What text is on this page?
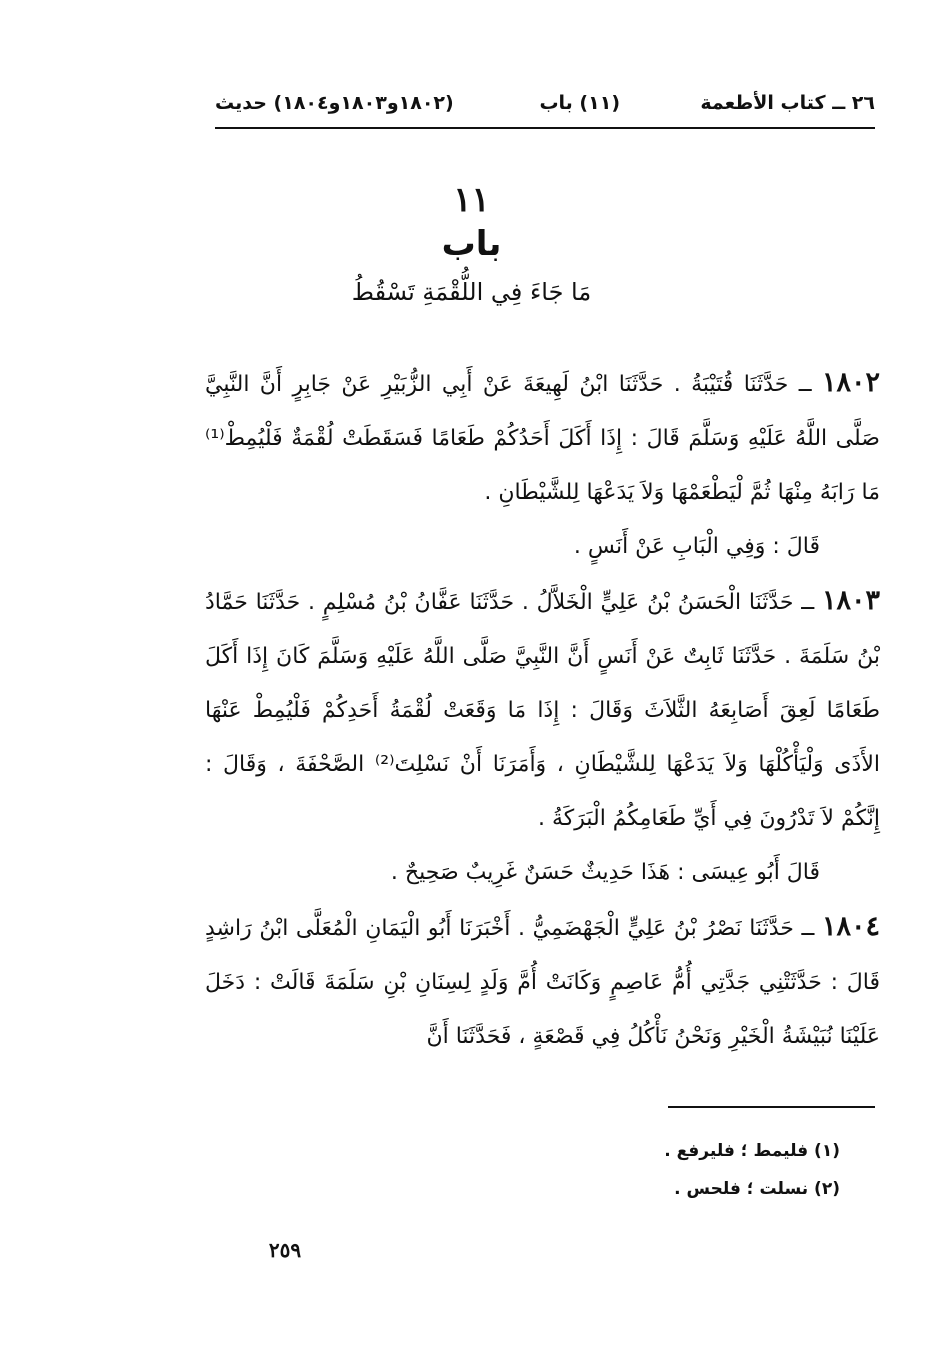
٢٦ ــ كتاب الأطعمة
(١١) باب
(١٨٠٢و١٨٠٣و١٨٠٤) حديث
١١
باب
مَا جَاءَ فِي اللُّقْمَةِ تَسْقُطُ

١٨٠٢ ــ حَدَّثَنَا قُتَيْبَةُ . حَدَّثَنَا ابْنُ لَهِيعَةَ عَنْ أَبِي الزُّبَيْرِ عَنْ جَابِرٍ أَنَّ النَّبِيَّ صَلَّى اللَّهُ عَلَيْهِ وَسَلَّمَ قَالَ : إِذَا أَكَلَ أَحَدُكُمْ طَعَامًا فَسَقَطَتْ لُقْمَةٌ فَلْيُمِطْ⁽¹⁾ مَا رَابَهُ مِنْهَا ثُمَّ لْيَطْعَمْهَا وَلاَ يَدَعْهَا لِلشَّيْطَانِ .

قَالَ : وَفِي الْبَابِ عَنْ أَنَسٍ .

١٨٠٣ ــ حَدَّثَنَا الْحَسَنُ بْنُ عَلِيٍّ الْخَلاَّلُ . حَدَّثَنَا عَفَّانُ بْنُ مُسْلِمٍ . حَدَّثَنَا حَمَّادُ بْنُ سَلَمَةَ . حَدَّثَنَا ثَابِتٌ عَنْ أَنَسٍ أَنَّ النَّبِيَّ صَلَّى اللَّهُ عَلَيْهِ وَسَلَّمَ كَانَ إِذَا أَكَلَ طَعَامًا لَعِقَ أَصَابِعَهُ الثَّلاَثَ وَقَالَ : إِذَا مَا وَقَعَتْ لُقْمَةُ أَحَدِكُمْ فَلْيُمِطْ عَنْهَا الأَذَى وَلْيَأْكُلْهَا وَلاَ يَدَعْهَا لِلشَّيْطَانِ ، وَأَمَرَنَا أَنْ نَسْلِتَ⁽²⁾ الصَّحْفَةَ ، وَقَالَ : إِنَّكُمْ لاَ تَدْرُونَ فِي أَيِّ طَعَامِكُمُ الْبَرَكَةُ .

قَالَ أَبُو عِيسَى : هَذَا حَدِيثٌ حَسَنٌ غَرِيبٌ صَحِيحٌ .

١٨٠٤ ــ حَدَّثَنَا نَصْرُ بْنُ عَلِيٍّ الْجَهْضَمِيُّ . أَخْبَرَنَا أَبُو الْيَمَانِ الْمُعَلَّى ابْنُ رَاشِدٍ قَالَ : حَدَّثَتْنِي جَدَّتِي أُمُّ عَاصِمٍ وَكَانَتْ أُمَّ وَلَدٍ لِسِنَانِ بْنِ سَلَمَةَ قَالَتْ : دَخَلَ عَلَيْنَا نُبَيْشَةُ الْخَيْرِ وَنَحْنُ نَأْكُلُ فِي قَصْعَةٍ ، فَحَدَّثَنَا أَنَّ

(١) فليمط ؛ فليرفع .
(٢) نسلت ؛ فلحس .
٢٥٩
